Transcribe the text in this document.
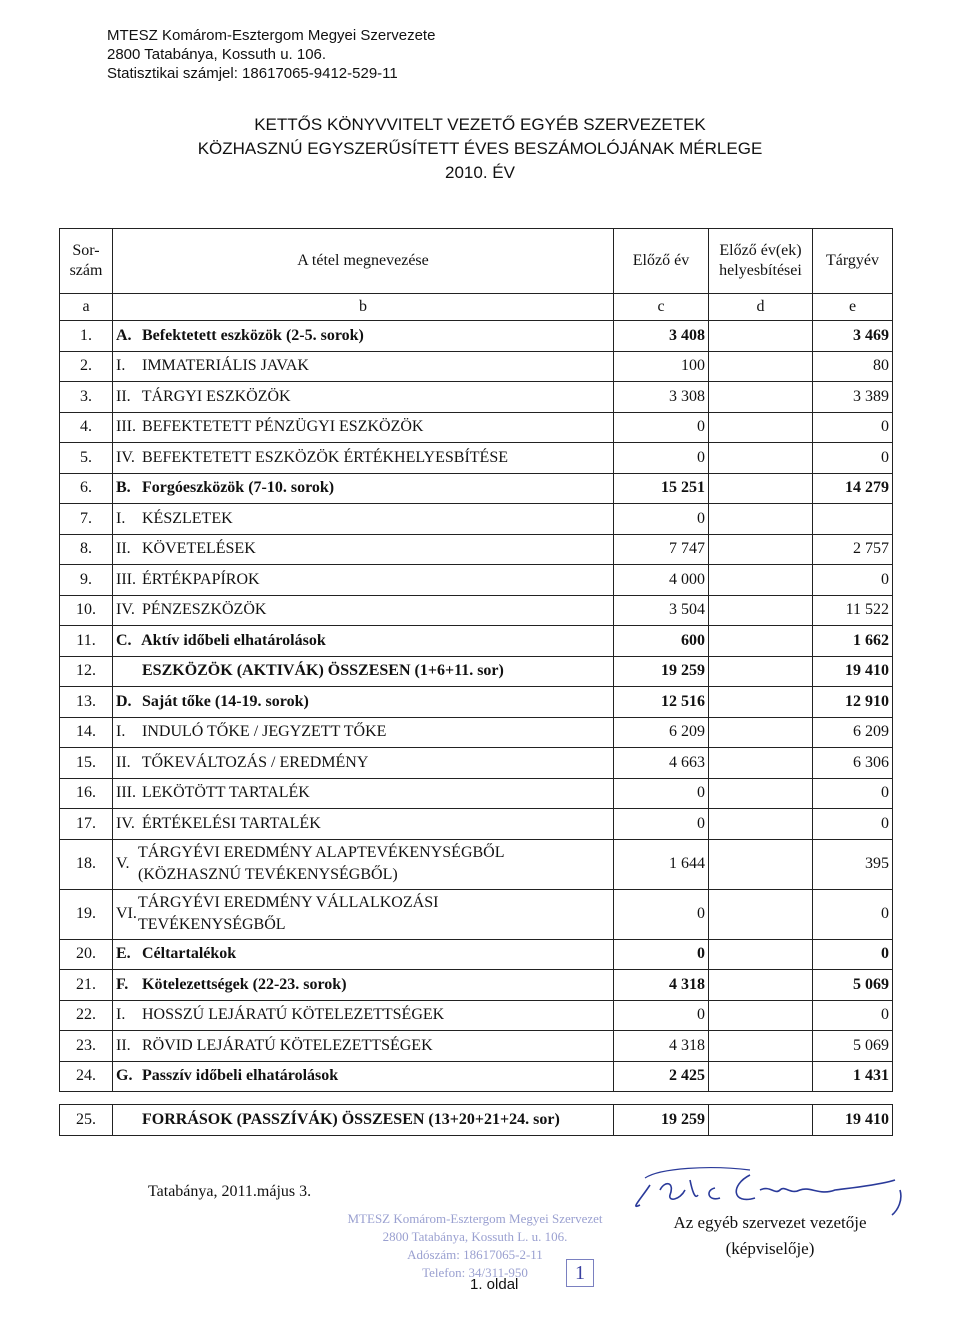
MTESZ Komárom-Esztergom Megyei Szervezete
2800 Tatabánya, Kossuth u. 106.
Statisztikai számjel: 18617065-9412-529-11
KETTŐS KÖNYVVITELT VEZETŐ EGYÉB SZERVEZETEK
KÖZHASZNÚ EGYSZERŰSÍTETT ÉVES BESZÁMOLÓJÁNAK MÉRLEGE
2010. ÉV
Sor-szám	A tétel megnevezése	Előző év	Előző év(ek) helyesbítései	Tárgyév
a	b	c	d	e
1.	A. Befektetett eszközök (2-5. sorok)	3 408		3 469
2.	I. IMMATERIÁLIS JAVAK	100		80
3.	II. TÁRGYI ESZKÖZÖK	3 308		3 389
4.	III. BEFEKTETETT PÉNZÜGYI ESZKÖZÖK	0		0
5.	IV. BEFEKTETETT ESZKÖZÖK ÉRTÉKHELYESBÍTÉSE	0		0
6.	B. Forgóeszközök (7-10. sorok)	15 251		14 279
7.	I. KÉSZLETEK	0		
8.	II. KÖVETELÉSEK	7 747		2 757
9.	III. ÉRTÉKPAPÍROK	4 000		0
10.	IV. PÉNZESZKÖZÖK	3 504		11 522
11.	C. Aktív időbeli elhatárolások	600		1 662
12.	ESZKÖZÖK (AKTIVÁK) ÖSSZESEN (1+6+11. sor)	19 259		19 410
13.	D. Saját tőke (14-19. sorok)	12 516		12 910
14.	I. INDULÓ TŐKE / JEGYZETT TŐKE	6 209		6 209
15.	II. TŐKEVÁLTOZÁS / EREDMÉNY	4 663		6 306
16.	III. LEKÖTÖTT TARTALÉK	0		0
17.	IV. ÉRTÉKELÉSI TARTALÉK	0		0
18.	V.
TÁRGYÉVI EREDMÉNY ALAPTEVÉKENYSÉGBŐL
(KÖZHASZNÚ TEVÉKENYSÉGBŐL)	1 644		395
19.	VI.
TÁRGYÉVI EREDMÉNY VÁLLALKOZÁSI
TEVÉKENYSÉGBŐL	0		0
20.	E. Céltartalékok	0		0
21.	F. Kötelezettségek (22-23. sorok)	4 318		5 069
22.	I. HOSSZÚ LEJÁRATÚ KÖTELEZETTSÉGEK	0		0
23.	II. RÖVID LEJÁRATÚ KÖTELEZETTSÉGEK	4 318		5 069
24.	G. Passzív időbeli elhatárolások	2 425		1 431

25.	FORRÁSOK (PASSZÍVÁK) ÖSSZESEN (13+20+21+24. sor)	19 259		19 410
Tatabánya, 2011.május 3.
MTESZ Komárom-Esztergom Megyei Szervezet
2800 Tatabánya, Kossuth L. u. 106.
Adószám: 18617065-2-11
Telefon: 34/311-950	1
1. oldal
Az egyéb szervezet vezetője
(képviselője)
